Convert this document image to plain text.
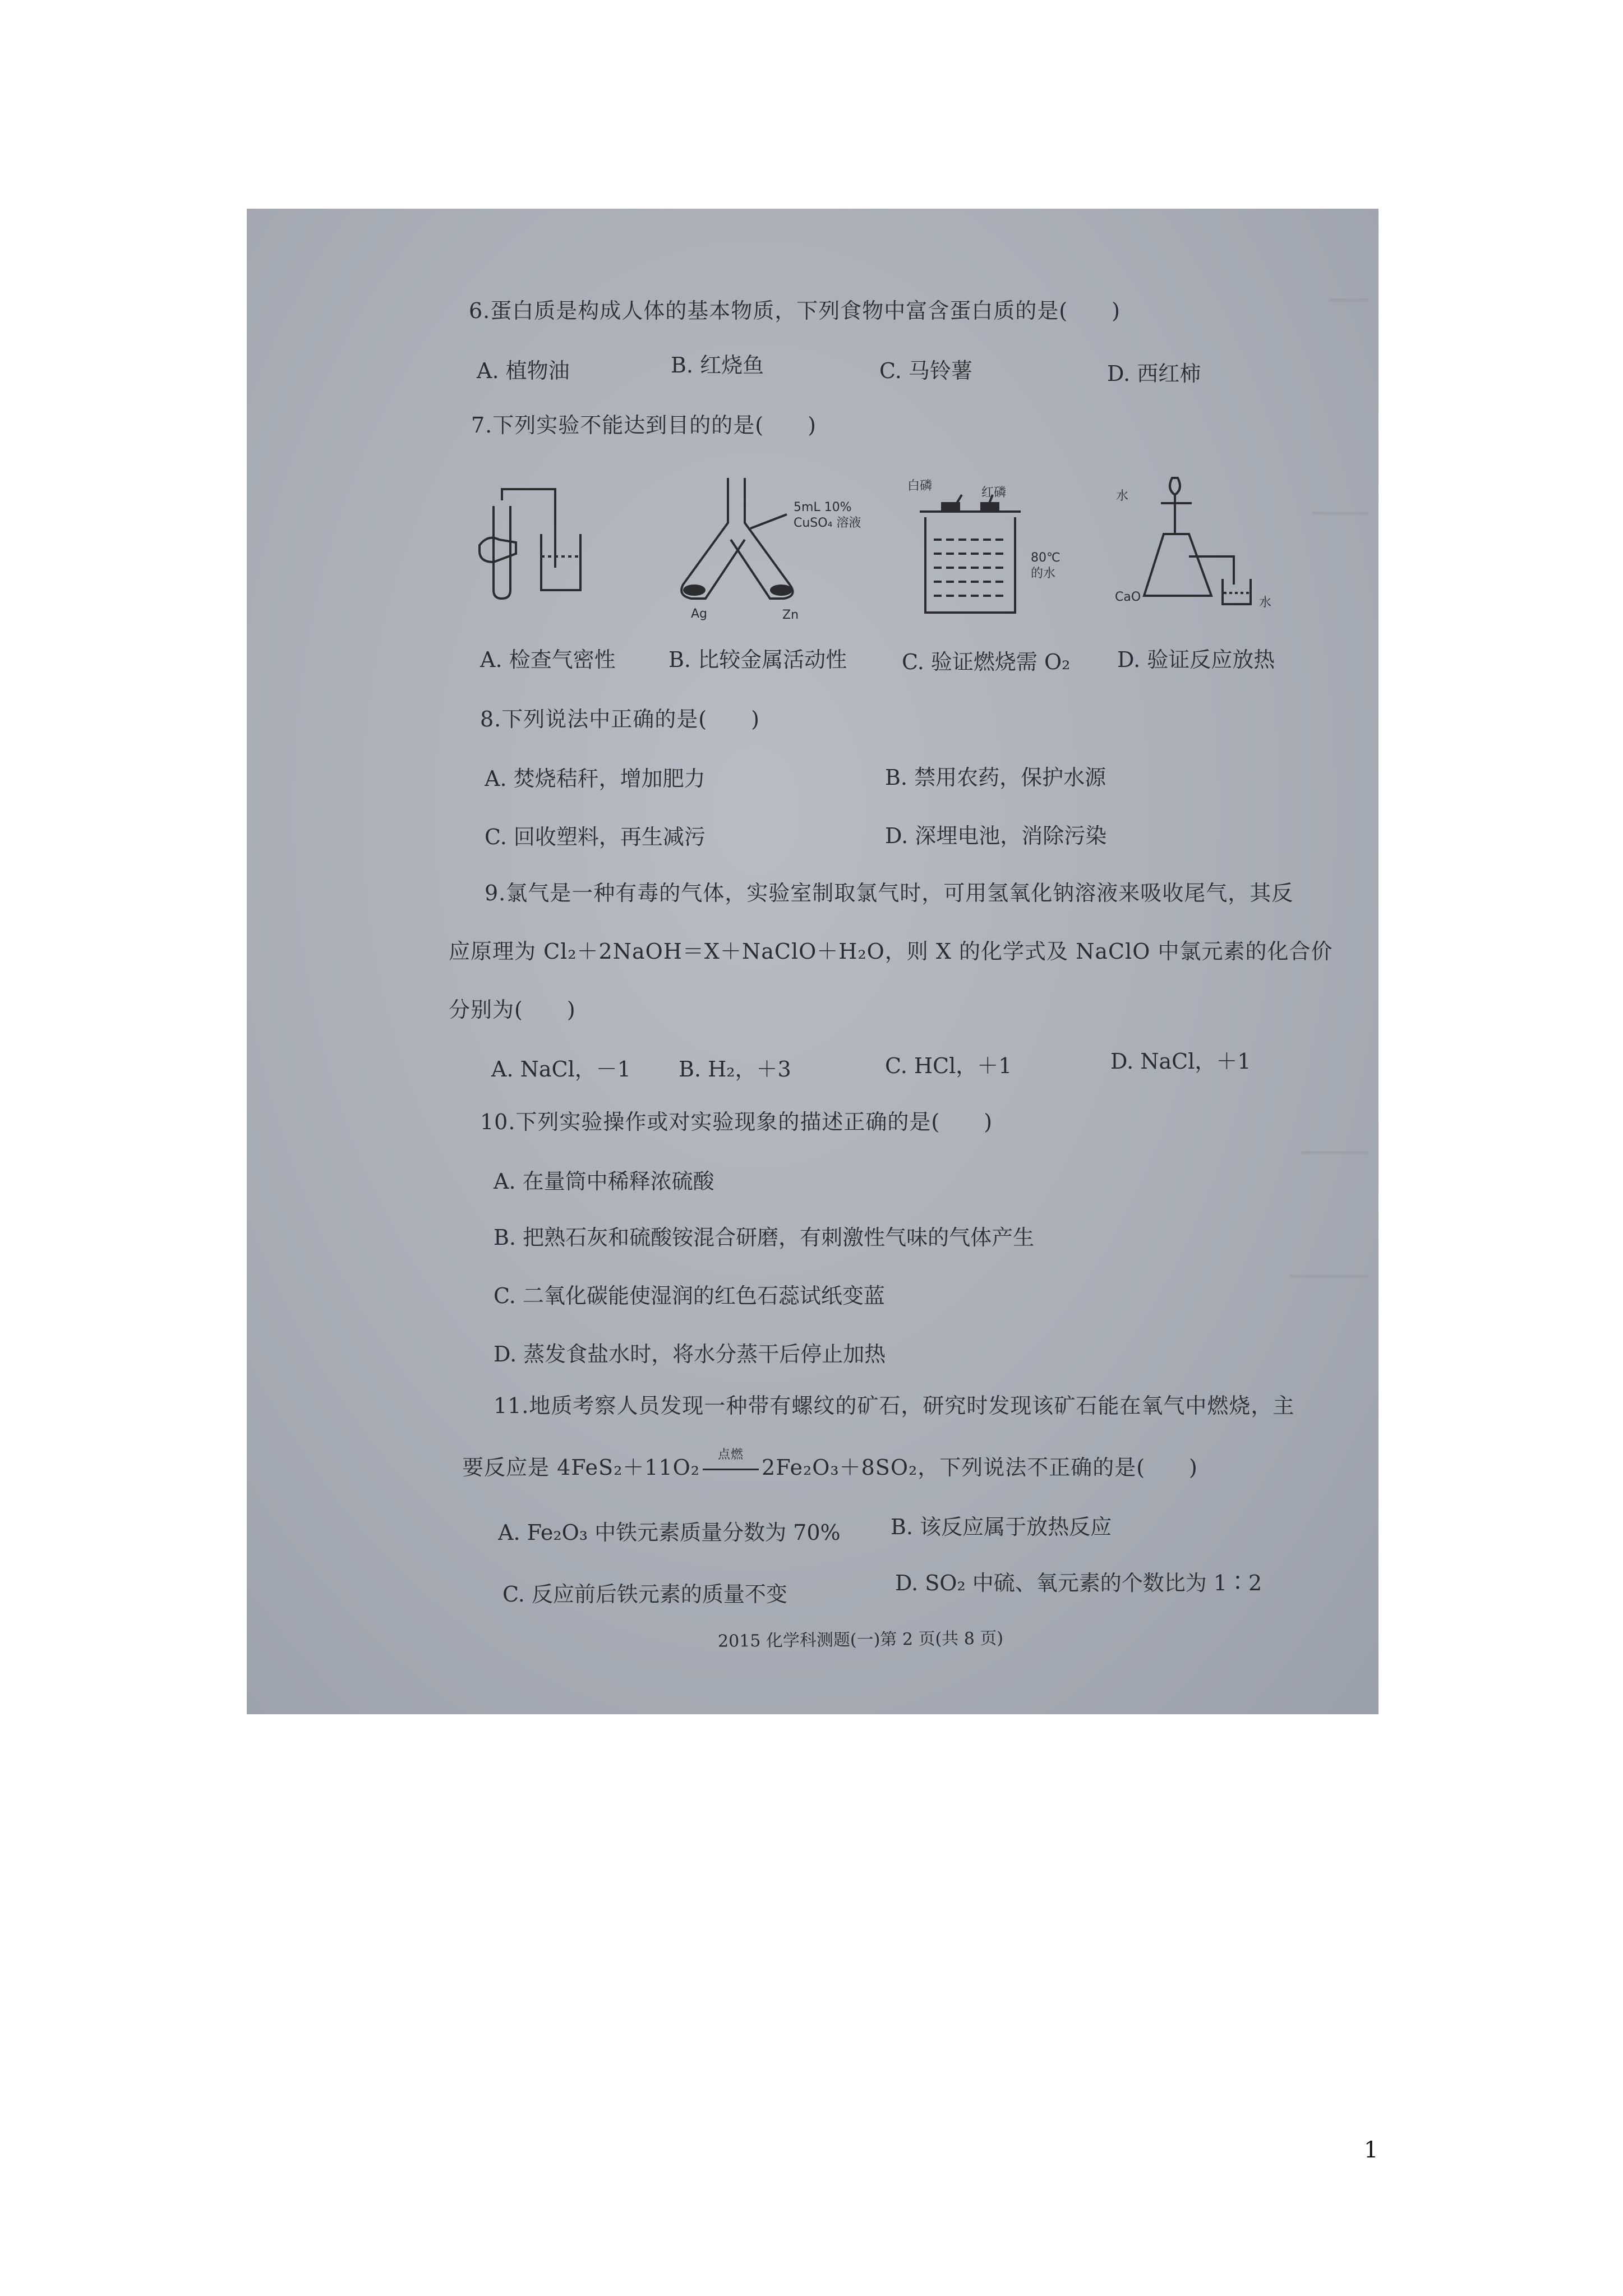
6.蛋白质是构成人体的基本物质，下列食物中富含蛋白质的是(　　)
A. 植物油	B. 红烧鱼	C. 马铃薯	D. 西红柿
7.下列实验不能达到目的的是(　　)
5mL 10%
CuSO₄ 溶液
Ag	Zn
白磷	红磷
80℃
的水
水
CaO	水
A. 检查气密性 B. 比较金属活动性	C. 验证燃烧需 O₂ D. 验证反应放热
8.下列说法中正确的是(　　)
A. 焚烧秸秆，增加肥力	B. 禁用农药，保护水源
C. 回收塑料，再生减污	D. 深埋电池，消除污染
9.氯气是一种有毒的气体，实验室制取氯气时，可用氢氧化钠溶液来吸收尾气，其反
应原理为 Cl₂＋2NaOH＝X＋NaClO＋H₂O，则 X 的化学式及 NaClO 中氯元素的化合价
分别为(　　)
A. NaCl，－1 B. H₂，＋3	C. HCl，＋1	D. NaCl，＋1
10.下列实验操作或对实验现象的描述正确的是(　　)
A. 在量筒中稀释浓硫酸
B. 把熟石灰和硫酸铵混合研磨，有刺激性气味的气体产生
C. 二氧化碳能使湿润的红色石蕊试纸变蓝
D. 蒸发食盐水时，将水分蒸干后停止加热
11.地质考察人员发现一种带有螺纹的矿石，研究时发现该矿石能在氧气中燃烧，主
要反应是 4FeS₂＋11O₂
点燃
2Fe₂O₃＋8SO₂，下列说法不正确的是(　　)
A. Fe₂O₃ 中铁元素质量分数为 70% B. 该反应属于放热反应
C. 反应前后铁元素的质量不变	D. SO₂ 中硫、氧元素的个数比为 1∶2
2015 化学科测题(一)第 2 页(共 8 页)
1
